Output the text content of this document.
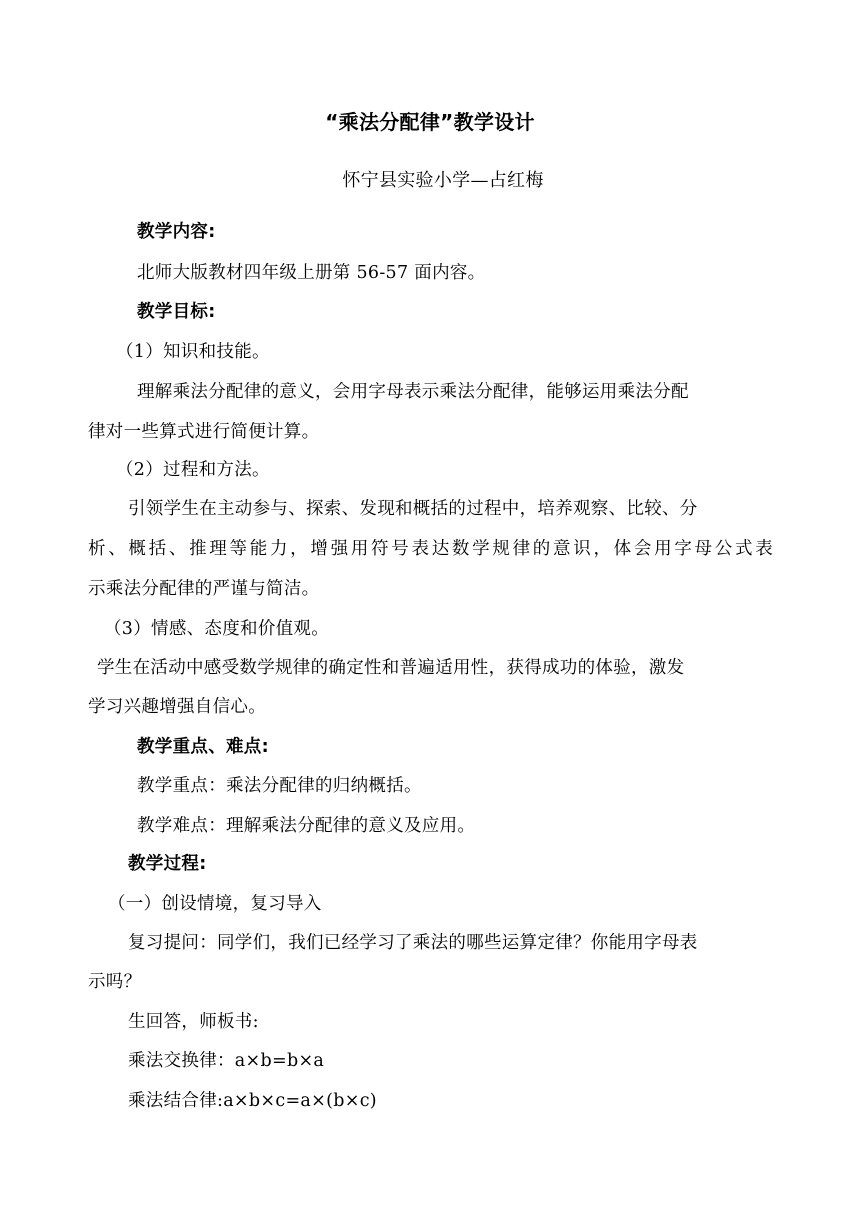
“乘法分配律”教学设计
怀宁县实验小学—占红梅
教学内容:
北师大版教材四年级上册第 56-57 面内容。
教学目标:
（1）知识和技能。
理解乘法分配律的意义，会用字母表示乘法分配律，能够运用乘法分配
律对一些算式进行简便计算。
（2）过程和方法。
引领学生在主动参与、探索、发现和概括的过程中，培养观察、比较、分
析、概括、推理等能力，增强用符号表达数学规律的意识，体会用字母公式表
示乘法分配律的严谨与简洁。
（3）情感、态度和价值观。
学生在活动中感受数学规律的确定性和普遍适用性，获得成功的体验，激发
学习兴趣增强自信心。
教学重点、难点:
教学重点：乘法分配律的归纳概括。
教学难点：理解乘法分配律的意义及应用。
教学过程:
（一）创设情境，复习导入
复习提问：同学们，我们已经学习了乘法的哪些运算定律？你能用字母表
示吗？
生回答，师板书:
乘法交换律：a×b=b×a
乘法结合律:a×b×c=a×(b×c)
